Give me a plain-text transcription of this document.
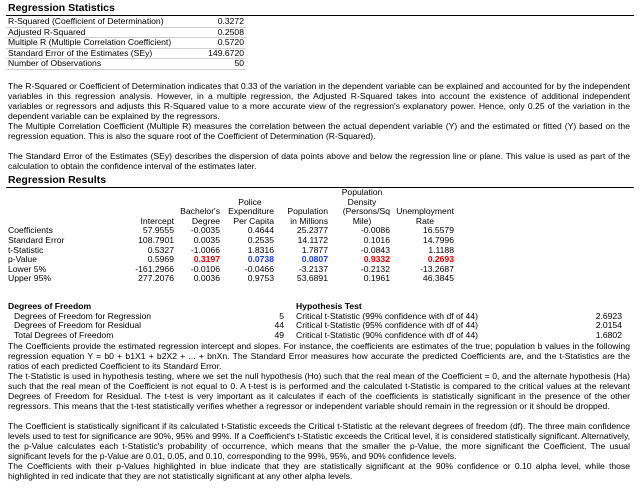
Regression Statistics
R-Squared (Coefficient of Determination)	0.3272
Adjusted R-Squared	0.2508
Multiple R (Multiple Correlation Coefficient)	0.5720
Standard Error of the Estimates (SEy)	149.6720
Number of Observations	50
The R-Squared or Coefficient of Determination indicates that 0.33 of the variation in the dependent variable can be explained and accounted for by the independent variables in this regression analysis. However, in a multiple regression, the Adjusted R-Squared takes into account the existence of additional independent variables or regressors and adjusts this R-Squared value to a more accurate view of the regression's explanatory power. Hence, only 0.25 of the variation in the dependent variable can be explained by the regressors.
The Multiple Correlation Coefficient (Multiple R) measures the correlation between the actual dependent variable (Y) and the estimated or fitted (Y) based on the regression equation. This is also the square root of the Coefficient of Determination (R-Squared).
The Standard Error of the Estimates (SEy) describes the dispersion of data points above and below the regression line or plane. This value is used as part of the calculation to obtain the confidence interval of the estimates later.
Regression Results
					Population	
			Police		Density	
		Bachelor's	Expenditure	Population	(Persons/Sq	Unemployment
	Intercept	Degree	Per Capita	in Millions	Mile)	Rate
Coefficients	57.9555	-0.0035	0.4644	25.2377	-0.0086	16.5579
Standard Error	108.7901	0.0035	0.2535	14.1172	0.1016	14.7996
t-Statistic	0.5327	-1.0066	1.8316	1.7877	-0.0843	1.1188
p-Value	0.5969	0.3197	0.0738	0.0807	0.9332	0.2693
Lower 5%	-161.2966	-0.0106	-0.0466	-3.2137	-0.2132	-13.2687
Upper 95%	277.2076	0.0036	0.9753	53.6891	0.1961	46.3845
Degrees of Freedom	
Degrees of Freedom for Regression	5
Degrees of Freedom for Residual	44
Total Degrees of Freedom	49
Hypothesis Test	
Critical t-Statistic (99% confidence with df of 44)	2.6923
Critical t-Statistic (95% confidence with df of 44)	2.0154
Critical t-Statistic (90% confidence with df of 44)	1.6802
The Coefficients provide the estimated regression intercept and slopes. For instance, the coefficients are estimates of the true; population b values in the following regression equation Y = b0 + b1X1 + b2X2 + ... + bnXn. The Standard Error measures how accurate the predicted Coefficients are, and the t-Statistics are the ratios of each predicted Coefficient to its Standard Error.
The t-Statistic is used in hypothesis testing, where we set the null hypothesis (Ho) such that the real mean of the Coefficient = 0, and the alternate hypothesis (Ha) such that the real mean of the Coefficient is not equal to 0. A t-test is is performed and the calculated t-Statistic is compared to the critical values at the relevant Degrees of Freedom for Residual. The t-test is very important as it calculates if each of the coefficients is statistically significant in the presence of the other regressors. This means that the t-test statistically verifies whether a regressor or independent variable should remain in the regression or it should be dropped.
The Coefficient is statistically significant if its calculated t-Statistic exceeds the Critical t-Statistic at the relevant degrees of freedom (df). The three main confidence levels used to test for significance are 90%, 95% and 99%. If a Coefficient's t-Statistic exceeds the Critical level, it is considered statistically significant. Alternatively, the p-Value calculates each t-Statistic's probability of occurrence, which means that the smaller the p-Value, the more significant the Coefficient. The usual significant levels for the p-Value are 0.01, 0.05, and 0.10, corresponding to the 99%, 95%, and 90% confidence levels.
The Coefficients with their p-Values highlighted in blue indicate that they are statistically significant at the 90% confidence or 0.10 alpha level, while those highlighted in red indicate that they are not statistically significant at any other alpha levels.
